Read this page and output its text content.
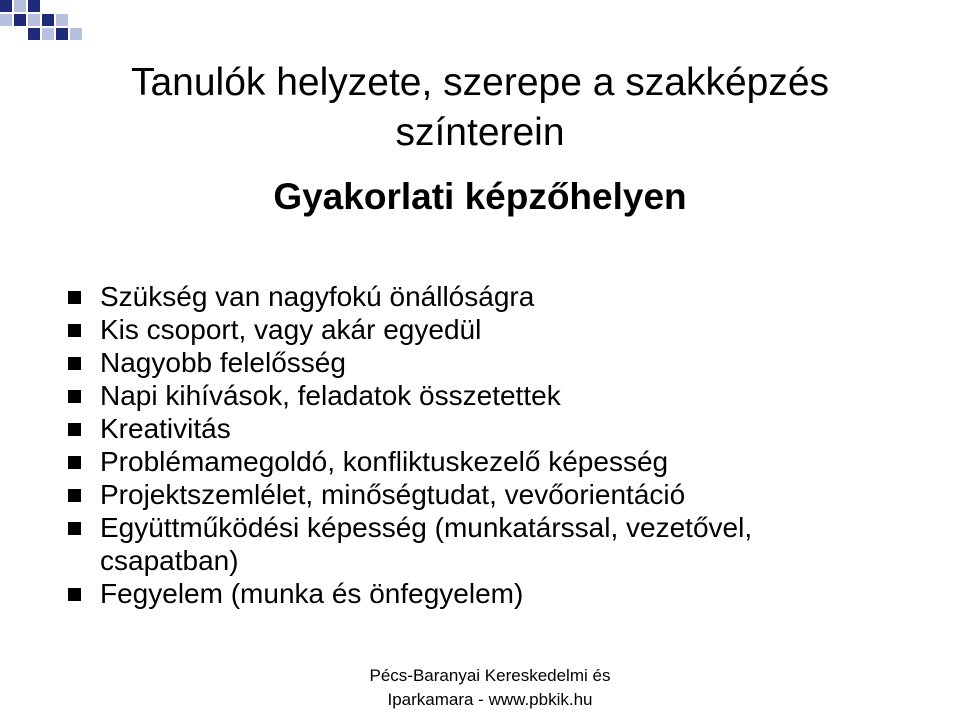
Tanulók helyzete, szerepe a szakképzés
színterein
Gyakorlati képzőhelyen
Szükség van nagyfokú önállóságra
Kis csoport, vagy akár egyedül
Nagyobb felelősség
Napi kihívások, feladatok összetettek
Kreativitás
Problémamegoldó, konfliktuskezelő képesség
Projektszemlélet, minőségtudat, vevőorientáció
Együttműködési képesség (munkatárssal, vezetővel, csapatban)
Fegyelem (munka és önfegyelem)
Pécs-Baranyai Kereskedelmi és
Iparkamara - www.pbkik.hu
